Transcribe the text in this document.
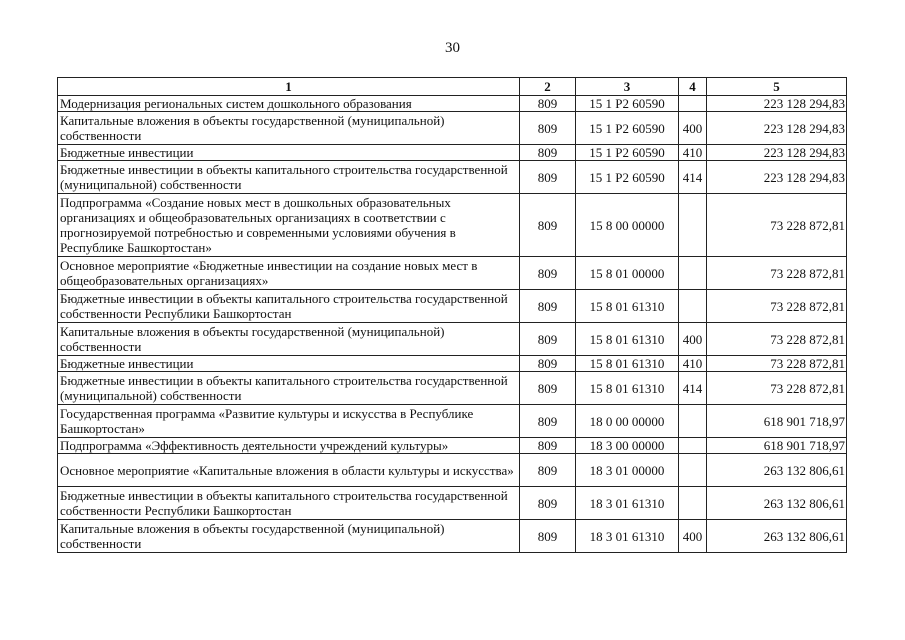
30
1	2	3	4	5
Модернизация региональных систем дошкольного образования	809	15 1 Р2 60590		223 128 294,83
Капитальные вложения в объекты государственной (муниципальной) собственности	809	15 1 Р2 60590	400	223 128 294,83
Бюджетные инвестиции	809	15 1 Р2 60590	410	223 128 294,83
Бюджетные инвестиции в объекты капитального строительства государственной (муниципальной) собственности	809	15 1 Р2 60590	414	223 128 294,83
Подпрограмма «Создание новых мест в дошкольных образовательных организациях и общеобразовательных организациях в соответствии с прогнозируемой потребностью и современными условиями обучения в Республике Башкортостан»	809	15 8 00 00000		73 228 872,81
Основное мероприятие «Бюджетные инвестиции на создание новых мест в общеобразовательных организациях»	809	15 8 01 00000		73 228 872,81
Бюджетные инвестиции в объекты капитального строительства государственной собственности Республики Башкортостан	809	15 8 01 61310		73 228 872,81
Капитальные вложения в объекты государственной (муниципальной) собственности	809	15 8 01 61310	400	73 228 872,81
Бюджетные инвестиции	809	15 8 01 61310	410	73 228 872,81
Бюджетные инвестиции в объекты капитального строительства государственной (муниципальной) собственности	809	15 8 01 61310	414	73 228 872,81
Государственная программа «Развитие культуры и искусства в Республике Башкортостан»	809	18 0 00 00000		618 901 718,97
Подпрограмма «Эффективность деятельности учреждений культуры»	809	18 3 00 00000		618 901 718,97
Основное мероприятие «Капитальные вложения в области культуры и искусства»	809	18 3 01 00000		263 132 806,61
Бюджетные инвестиции в объекты капитального строительства государственной собственности Республики Башкортостан	809	18 3 01 61310		263 132 806,61
Капитальные вложения в объекты государственной (муниципальной) собственности	809	18 3 01 61310	400	263 132 806,61
